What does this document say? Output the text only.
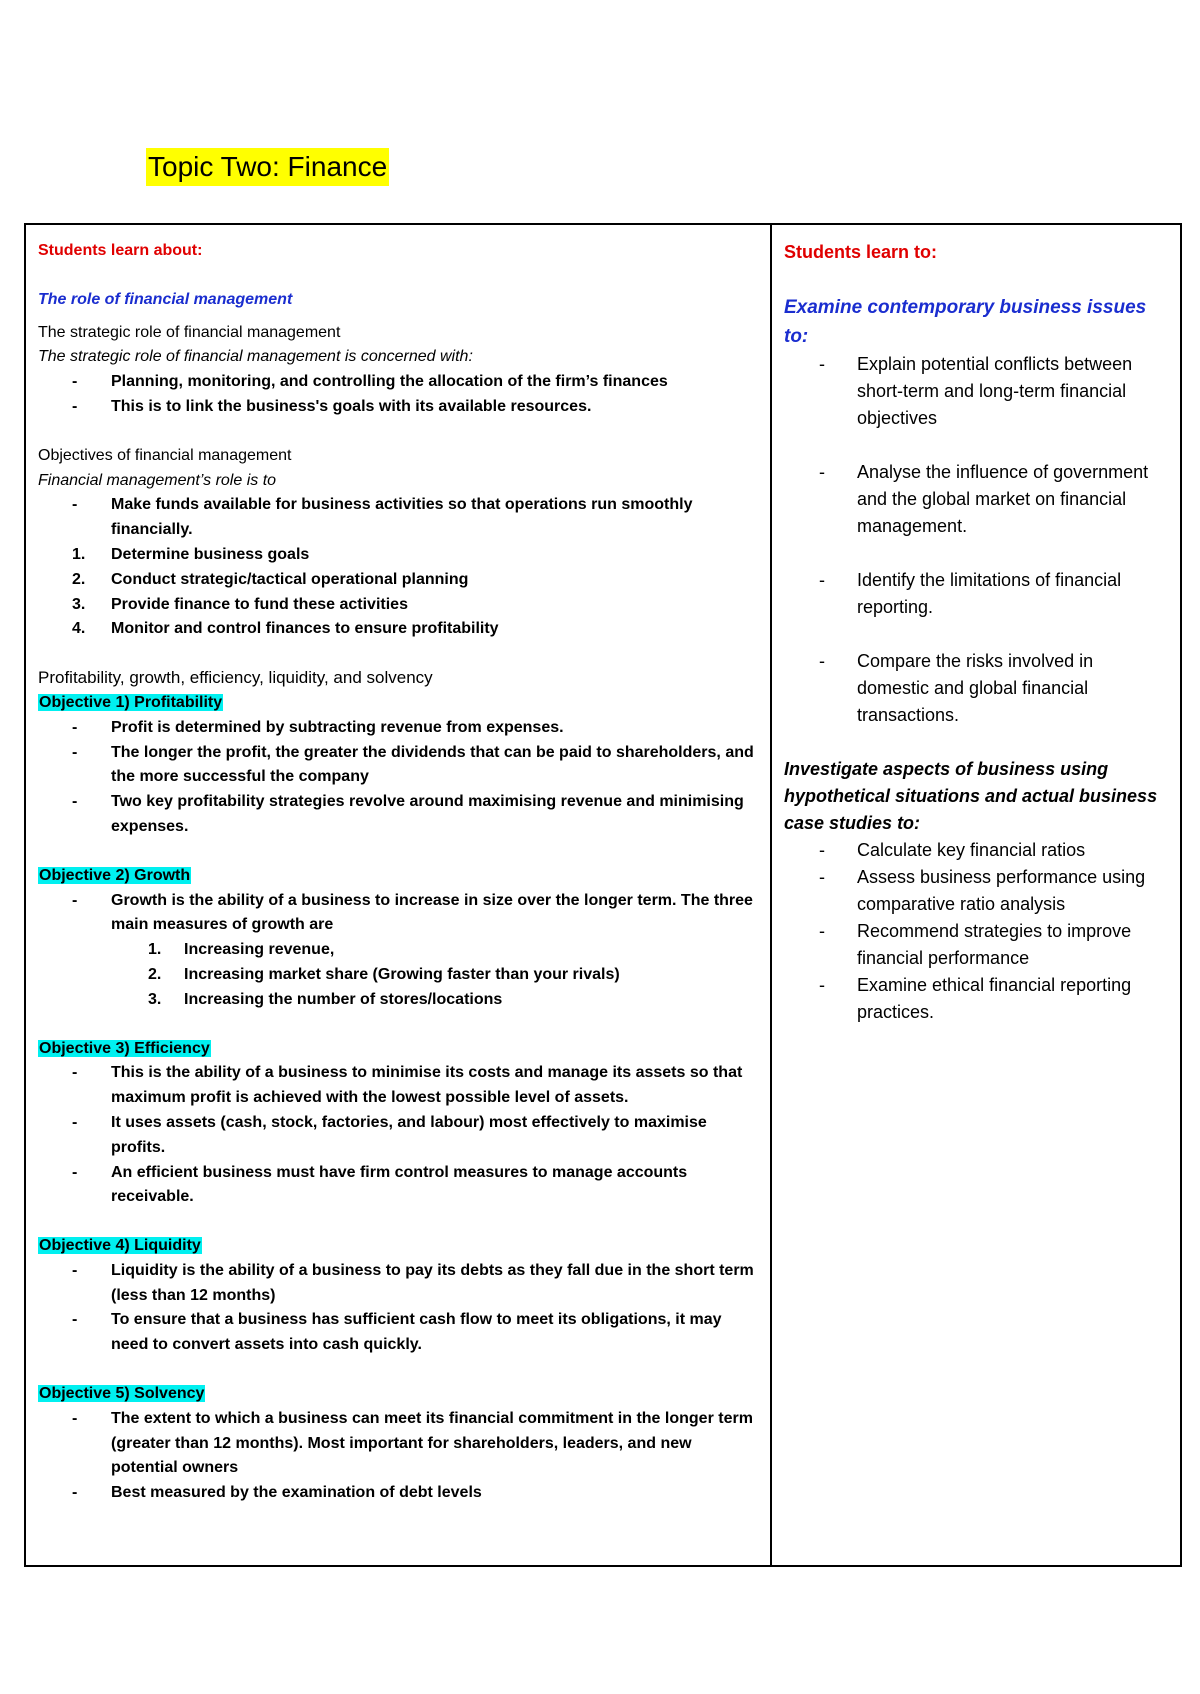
Topic Two: Finance

Students learn about:

The role of financial management

The strategic role of financial management

The strategic role of financial management is concerned with:

- Planning, monitoring, and controlling the allocation of the firm’s finances
- This is to link the business's goals with its available resources.

Objectives of financial management

Financial management’s role is to

- Make funds available for business activities so that operations run smoothly financially.
1. Determine business goals
2. Conduct strategic/tactical operational planning
3. Provide finance to fund these activities
4. Monitor and control finances to ensure profitability

Profitability, growth, efficiency, liquidity, and solvency

Objective 1) Profitability

- Profit is determined by subtracting revenue from expenses.
- The longer the profit, the greater the dividends that can be paid to shareholders, and the more successful the company
- Two key profitability strategies revolve around maximising revenue and minimising expenses.

Objective 2) Growth

- Growth is the ability of a business to increase in size over the longer term. The three main measures of growth are
1. Increasing revenue,
2. Increasing market share (Growing faster than your rivals)
3. Increasing the number of stores/locations

Objective 3) Efficiency

- This is the ability of a business to minimise its costs and manage its assets so that maximum profit is achieved with the lowest possible level of assets.
- It uses assets (cash, stock, factories, and labour) most effectively to maximise profits.
- An efficient business must have firm control measures to manage accounts receivable.

Objective 4) Liquidity

- Liquidity is the ability of a business to pay its debts as they fall due in the short term (less than 12 months)
- To ensure that a business has sufficient cash flow to meet its obligations, it may need to convert assets into cash quickly.

Objective 5) Solvency

- The extent to which a business can meet its financial commitment in the longer term (greater than 12 months). Most important for shareholders, leaders, and new potential owners
- Best measured by the examination of debt levels

Students learn to:

Examine contemporary business issues to:

- Explain potential conflicts between short-term and long-term financial objectives
- Analyse the influence of government and the global market on financial management.
- Identify the limitations of financial reporting.
- Compare the risks involved in domestic and global financial transactions.

Investigate aspects of business using hypothetical situations and actual business case studies to:

- Calculate key financial ratios
- Assess business performance using comparative ratio analysis
- Recommend strategies to improve financial performance
- Examine ethical financial reporting practices.
